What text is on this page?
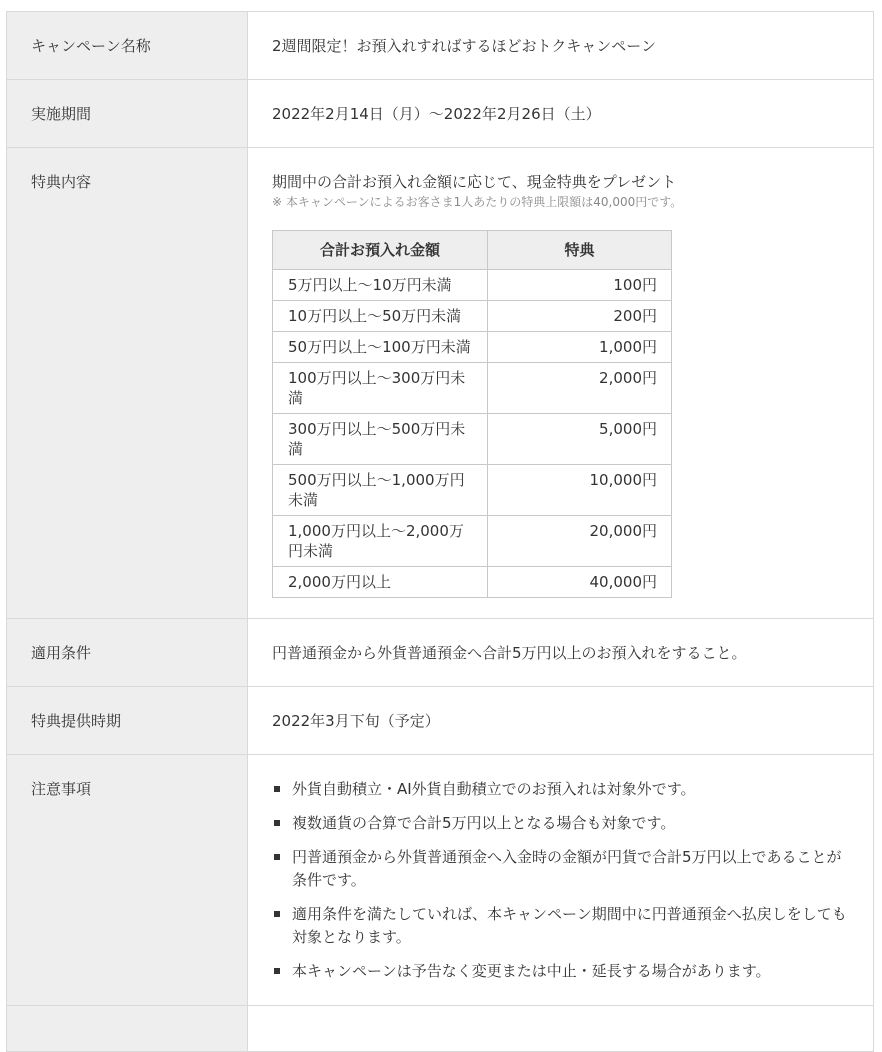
キャンペーン名称	2週間限定！お預入れすればするほどおトクキャンペーン
実施期間	2022年2月14日（月）～2022年2月26日（土）
特典内容	期間中の合計お預入れ金額に応じて、現金特典をプレゼント

※ 本キャンペーンによるお客さま1人あたりの特典上限額は40,000円です。

合計お預入れ金額	特典
5万円以上～10万円未満	100円
10万円以上～50万円未満	200円
50万円以上～100万円未満	1,000円
100万円以上～300万円未満	2,000円
300万円以上～500万円未満	5,000円
500万円以上～1,000万円未満	10,000円
1,000万円以上～2,000万円未満	20,000円
2,000万円以上	40,000円

適用条件	円普通預金から外貨普通預金へ合計5万円以上のお預入れをすること。
特典提供時期	2022年3月下旬（予定）
注意事項	外貨自動積立・AI外貨自動積立でのお預入れは対象外です。
複数通貨の合算で合計5万円以上となる場合も対象です。
円普通預金から外貨普通預金へ入金時の金額が円貨で合計5万円以上であることが条件です。
適用条件を満たしていれば、本キャンペーン期間中に円普通預金へ払戻しをしても対象となります。
本キャンペーンは予告なく変更または中止・延長する場合があります。
